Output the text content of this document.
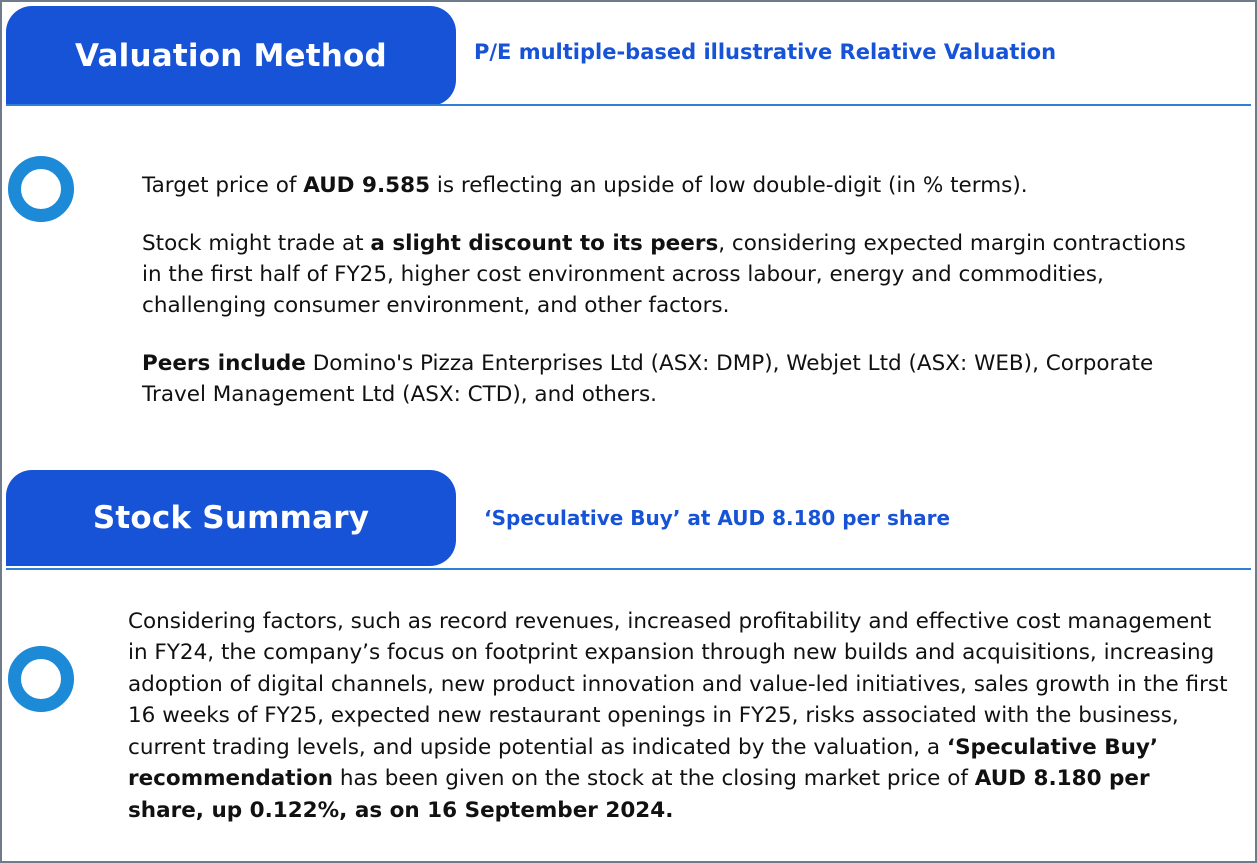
Valuation Method	P/E multiple-based illustrative Relative Valuation

Target price of AUD 9.585 is reflecting an upside of low double-digit (in % terms).

Stock might trade at a slight discount to its peers, considering expected margin contractions in the first half of FY25, higher cost environment across labour, energy and commodities, challenging consumer environment, and other factors.

Peers include Domino's Pizza Enterprises Ltd (ASX: DMP), Webjet Ltd (ASX: WEB), Corporate Travel Management Ltd (ASX: CTD), and others.

Stock Summary	‘Speculative Buy’ at AUD 8.180 per share

Considering factors, such as record revenues, increased profitability and effective cost management in FY24, the company’s focus on footprint expansion through new builds and acquisitions, increasing adoption of digital channels, new product innovation and value-led initiatives, sales growth in the first 16 weeks of FY25, expected new restaurant openings in FY25, risks associated with the business, current trading levels, and upside potential as indicated by the valuation, a ‘Speculative Buy’ recommendation has been given on the stock at the closing market price of AUD 8.180 per share, up 0.122%, as on 16 September 2024.
